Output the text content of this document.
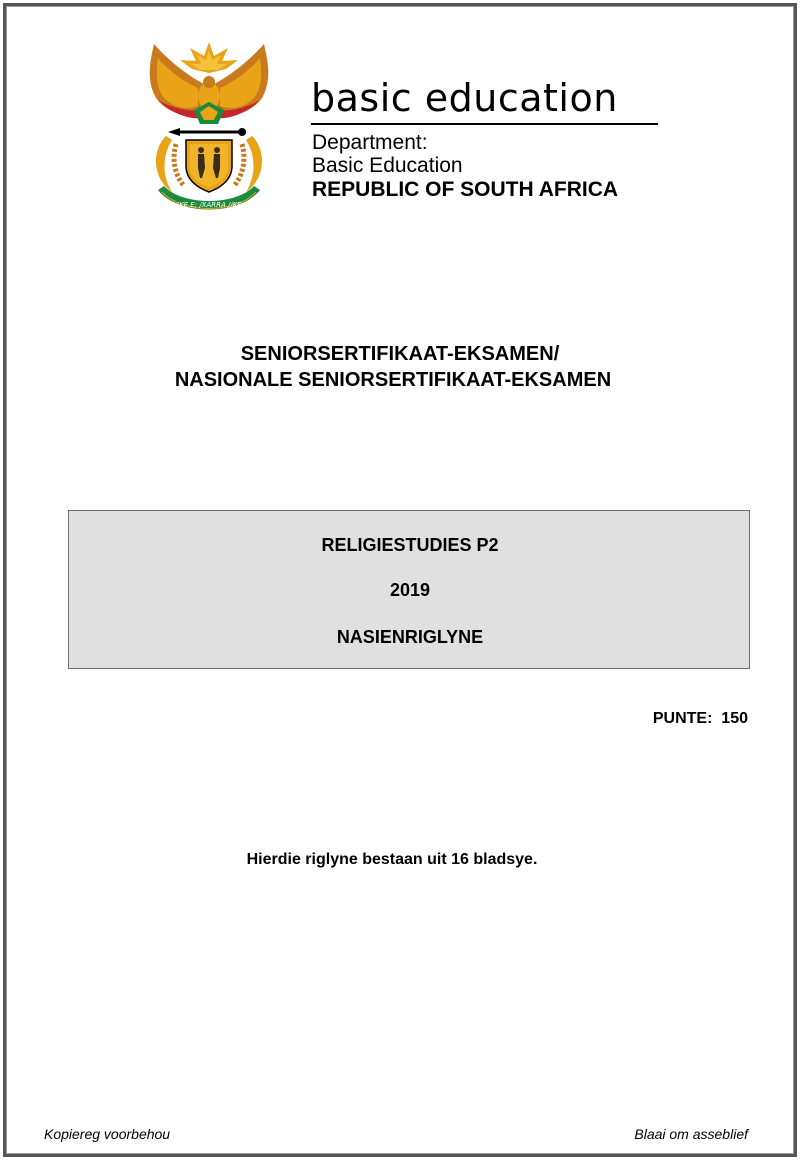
!KE E: /XARRA //KE
basic education
Department:
Basic Education
REPUBLIC OF SOUTH AFRICA
SENIORSERTIFIKAAT-EKSAMEN/
NASIONALE SENIORSERTIFIKAAT-EKSAMEN
RELIGIESTUDIES P2
2019
NASIENRIGLYNE
PUNTE:  150
Hierdie riglyne bestaan uit 16 bladsye.
Kopiereg voorbehou	Blaai om asseblief
